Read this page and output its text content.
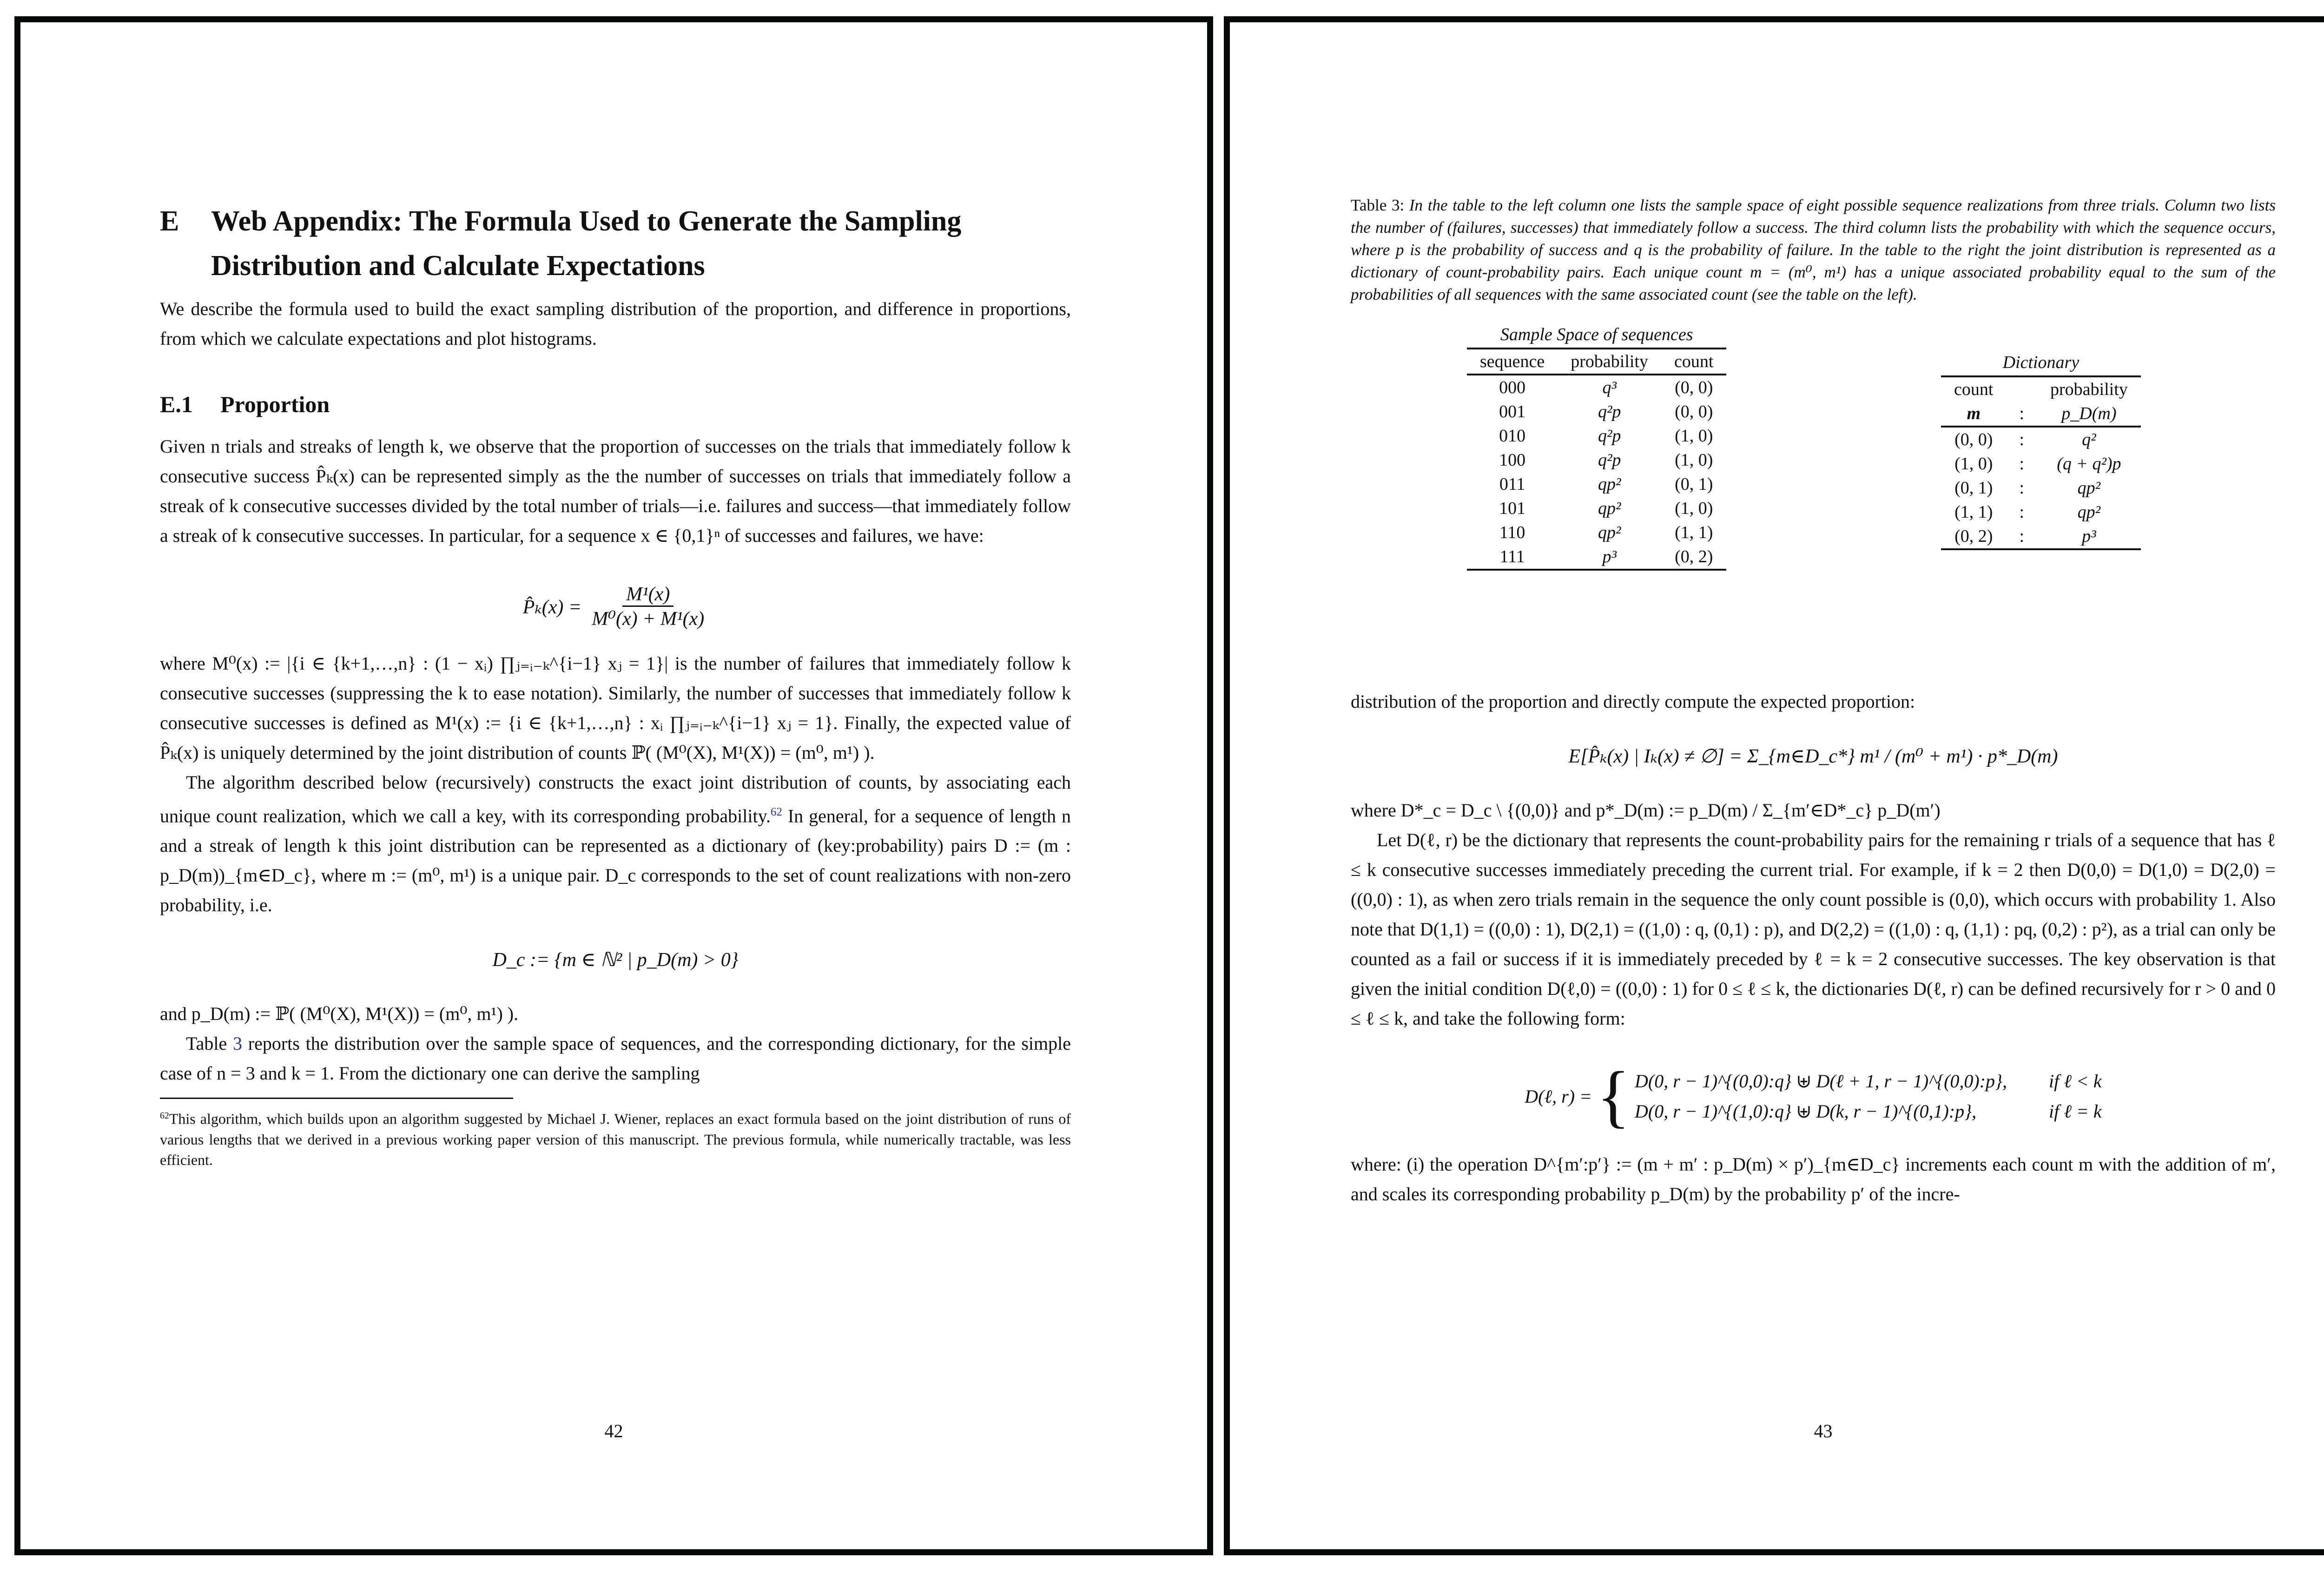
E Web Appendix: The Formula Used to Generate the Sampling Distribution and Calculate Expectations

We describe the formula used to build the exact sampling distribution of the proportion, and difference in proportions, from which we calculate expectations and plot histograms.

E.1 Proportion

Given n trials and streaks of length k, we observe that the proportion of successes on the trials that immediately follow k consecutive success P̂ₖ(x) can be represented simply as the the number of successes on trials that immediately follow a streak of k consecutive successes divided by the total number of trials—i.e. failures and success—that immediately follow a streak of k consecutive successes. In particular, for a sequence x ∈ {0,1}ⁿ of successes and failures, we have:

P̂ₖ(x) = $\frac{\text{M¹(x)}}{\text{M⁰(x) + M¹(x)}}$

where M⁰(x) := |{i ∈ {k+1,…,n} : (1 − xᵢ) ∏ⱼ₌ᵢ₋ₖ^{i−1} xⱼ = 1}| is the number of failures that immediately follow k consecutive successes (suppressing the k to ease notation). Similarly, the number of successes that immediately follow k consecutive successes is defined as M¹(x) := {i ∈ {k+1,…,n} : xᵢ ∏ⱼ₌ᵢ₋ₖ^{i−1} xⱼ = 1}. Finally, the expected value of P̂ₖ(x) is uniquely determined by the joint distribution of counts ℙ( (M⁰(X), M¹(X)) = (m⁰, m¹) ).

The algorithm described below (recursively) constructs the exact joint distribution of counts, by associating each unique count realization, which we call a key, with its corresponding probability.$^{62}$ In general, for a sequence of length n and a streak of length k this joint distribution can be represented as a dictionary of (key:probability) pairs D := (m : p_D(m))_{m∈D_c}, where m := (m⁰, m¹) is a unique pair. D_c corresponds to the set of count realizations with non-zero probability, i.e.

D_c := {m ∈ ℕ² | p_D(m) > 0}

and p_D(m) := ℙ( (M⁰(X), M¹(X)) = (m⁰, m¹) ).

Table 3 reports the distribution over the sample space of sequences, and the corresponding dictionary, for the simple case of n = 3 and k = 1. From the dictionary one can derive the sampling

$^{62}$This algorithm, which builds upon an algorithm suggested by Michael J. Wiener, replaces an exact formula based on the joint distribution of runs of various lengths that we derived in a previous working paper version of this manuscript. The previous formula, while numerically tractable, was less efficient.

42

Table 3: In the table to the left column one lists the sample space of eight possible sequence realizations from three trials. Column two lists the number of (failures, successes) that immediately follow a success. The third column lists the probability with which the sequence occurs, where p is the probability of success and q is the probability of failure. In the table to the right the joint distribution is represented as a dictionary of count-probability pairs. Each unique count m = (m⁰, m¹) has a unique associated probability equal to the sum of the probabilities of all sequences with the same associated count (see the table on the left).

Sample Space of sequences
sequence	probability	count
000	q³	(0, 0)
001	q²p	(0, 0)
010	q²p	(1, 0)
100	q²p	(1, 0)
011	qp²	(0, 1)
101	qp²	(1, 0)
110	qp²	(1, 1)
111	p³	(0, 2)
Dictionary
count		probability
m	:	p_D(m)
(0, 0)	:	q²
(1, 0)	:	(q + q²)p
(0, 1)	:	qp²
(1, 1)	:	qp²
(0, 2)	:	p³

distribution of the proportion and directly compute the expected proportion:

E[P̂ₖ(x) | Iₖ(x) ≠ ∅] = Σ_{m∈D_c*} m¹ / (m⁰ + m¹) · p*_D(m)

where D*_c = D_c \ {(0,0)} and p*_D(m) := p_D(m) / Σ_{m′∈D*_c} p_D(m′)

Let D(ℓ, r) be the dictionary that represents the count-probability pairs for the remaining r trials of a sequence that has ℓ ≤ k consecutive successes immediately preceding the current trial. For example, if k = 2 then D(0,0) = D(1,0) = D(2,0) = ((0,0) : 1), as when zero trials remain in the sequence the only count possible is (0,0), which occurs with probability 1. Also note that D(1,1) = ((0,0) : 1), D(2,1) = ((1,0) : q, (0,1) : p), and D(2,2) = ((1,0) : q, (1,1) : pq, (0,2) : p²), as a trial can only be counted as a fail or success if it is immediately preceded by ℓ = k = 2 consecutive successes. The key observation is that given the initial condition D(ℓ,0) = ((0,0) : 1) for 0 ≤ ℓ ≤ k, the dictionaries D(ℓ, r) can be defined recursively for r > 0 and 0 ≤ ℓ ≤ k, and take the following form:

D(ℓ, r) = { D(0, r − 1)^{(0,0):q} ⊎ D(ℓ + 1, r − 1)^{(0,0):p}, if ℓ < k
D(0, r − 1)^{(1,0):q} ⊎ D(k, r − 1)^{(0,1):p},	if ℓ = k

where: (i) the operation D^{m′:p′} := (m + m′ : p_D(m) × p′)_{m∈D_c} increments each count m with the addition of m′, and scales its corresponding probability p_D(m) by the probability p′ of the incre-

43
